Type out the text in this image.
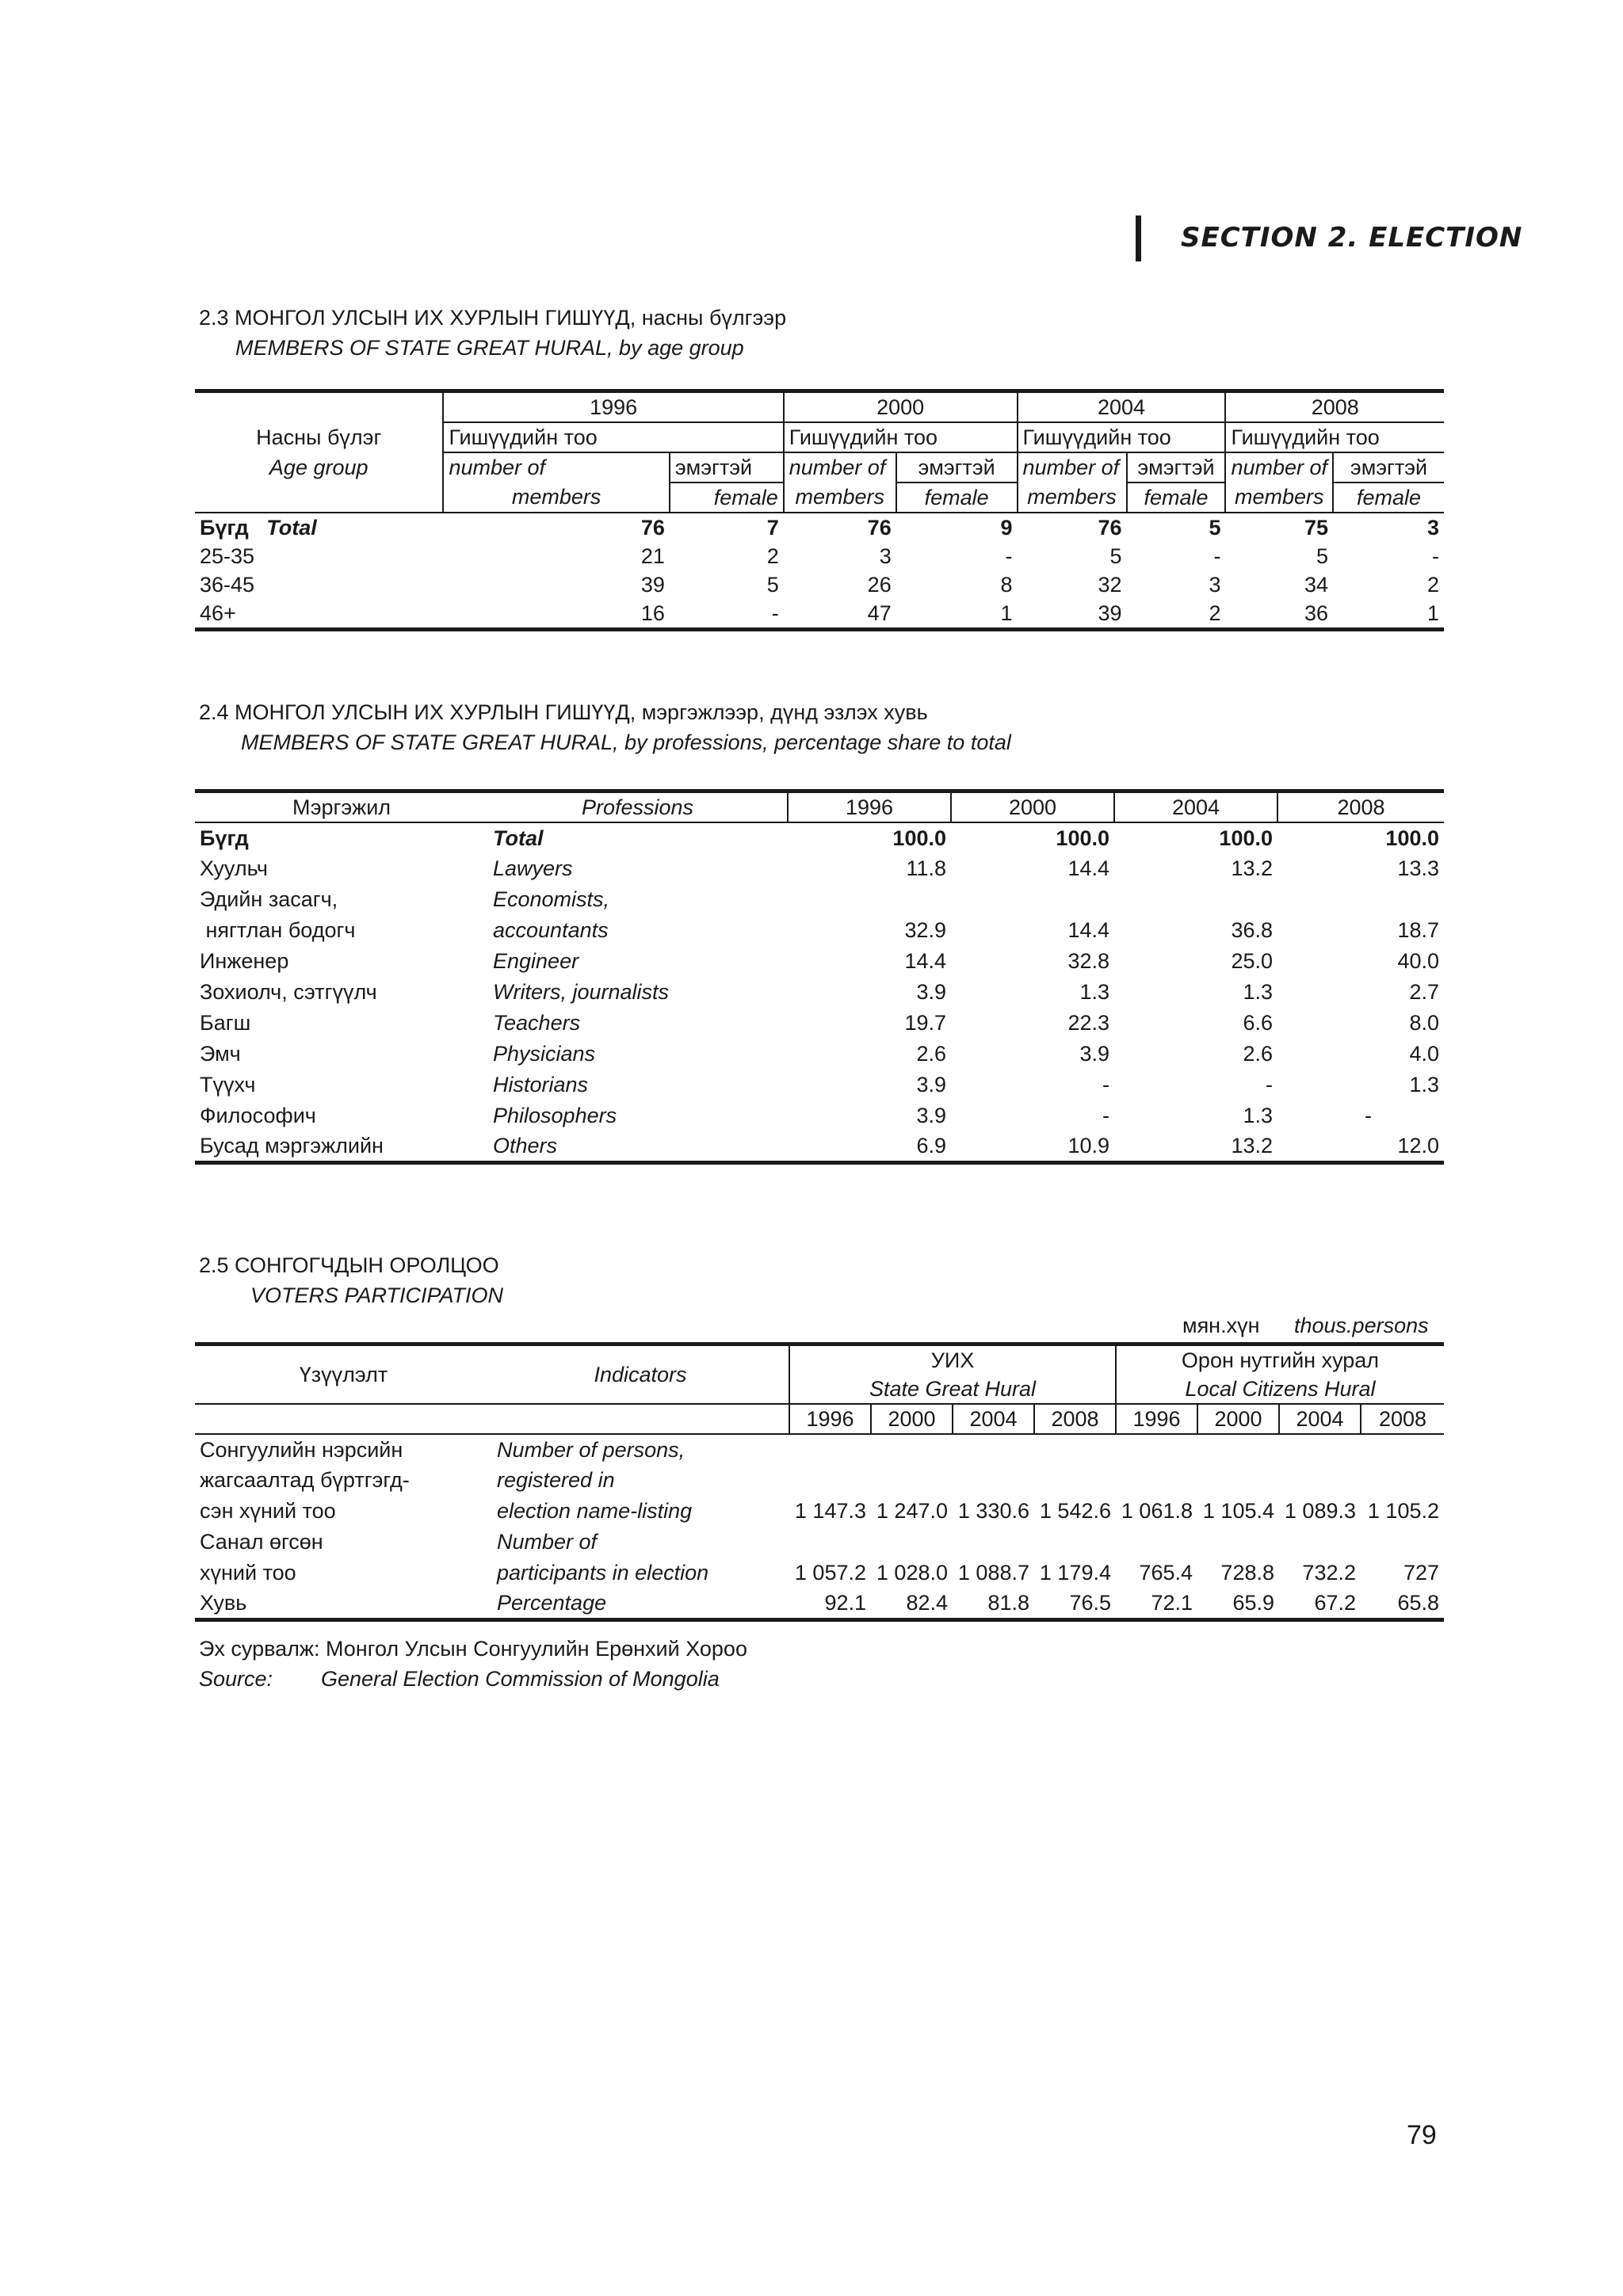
SECTION 2. ELECTION
2.3 МОНГОЛ УЛСЫН ИХ ХУРЛЫН ГИШҮҮД, насны бүлгээр
MEMBERS OF STATE GREAT HURAL, by age group
	1996		2000		2004		2008	
Насны бүлэг	Гишүүдийн тоо		Гишүүдийн тоо		Гишүүдийн тоо		Гишүүдийн тоо	
Age group	number of	эмэгтэй	number of	эмэгтэй	number of	эмэгтэй	number of	эмэгтэй
	members	female	members	female	members	female	members	female
Бүгд Total	76	7	76	9	76	5	75	3
25-35	21	2	3	-	5	-	5	-
36-45	39	5	26	8	32	3	34	2
46+	16	-	47	1	39	2	36	1
2.4 МОНГОЛ УЛСЫН ИХ ХУРЛЫН ГИШҮҮД, мэргэжлээр, дүнд эзлэх хувь
MEMBERS OF STATE GREAT HURAL, by professions, percentage share to total
Мэргэжил	Professions	1996	2000	2004	2008
Бүгд	Total	100.0	100.0	100.0	100.0
Хуульч	Lawyers	11.8	14.4	13.2	13.3
Эдийн засагч,	Economists,				
нягтлан бодогч	accountants	32.9	14.4	36.8	18.7
Инженер	Engineer	14.4	32.8	25.0	40.0
Зохиолч, сэтгүүлч	Writers, journalists	3.9	1.3	1.3	2.7
Багш	Teachers	19.7	22.3	6.6	8.0
Эмч	Physicians	2.6	3.9	2.6	4.0
Түүхч	Historians	3.9	-	-	1.3
Философич	Philosophers	3.9	-	1.3	-
Бусад мэргэжлийн	Others	6.9	10.9	13.2	12.0
2.5 СОНГОГЧДЫН ОРОЛЦОО
VOTERS PARTICIPATION
мян.хүн thous.persons
Үзүүлэлт	Indicators	УИХ				Орон нутгийн хурал			
		State Great Hural				Local Citizens Hural			
		1996	2000	2004	2008	1996	2000	2004	2008
Сонгуулийн нэрсийн	Number of persons,								
жагсаалтад бүртгэгд-	registered in								
сэн хүний тоо	election name-listing	1 147.3	1 247.0	1 330.6	1 542.6	1 061.8	1 105.4	1 089.3	1 105.2
Санал өгсөн	Number of								
хүний тоо	participants in election	1 057.2	1 028.0	1 088.7	1 179.4	765.4	728.8	732.2	727
Хувь	Percentage	92.1	82.4	81.8	76.5	72.1	65.9	67.2	65.8
Эх сурвалж: Монгол Улсын Сонгуулийн Ерөнхий Хороо
Source: General Election Commission of Mongolia
79
